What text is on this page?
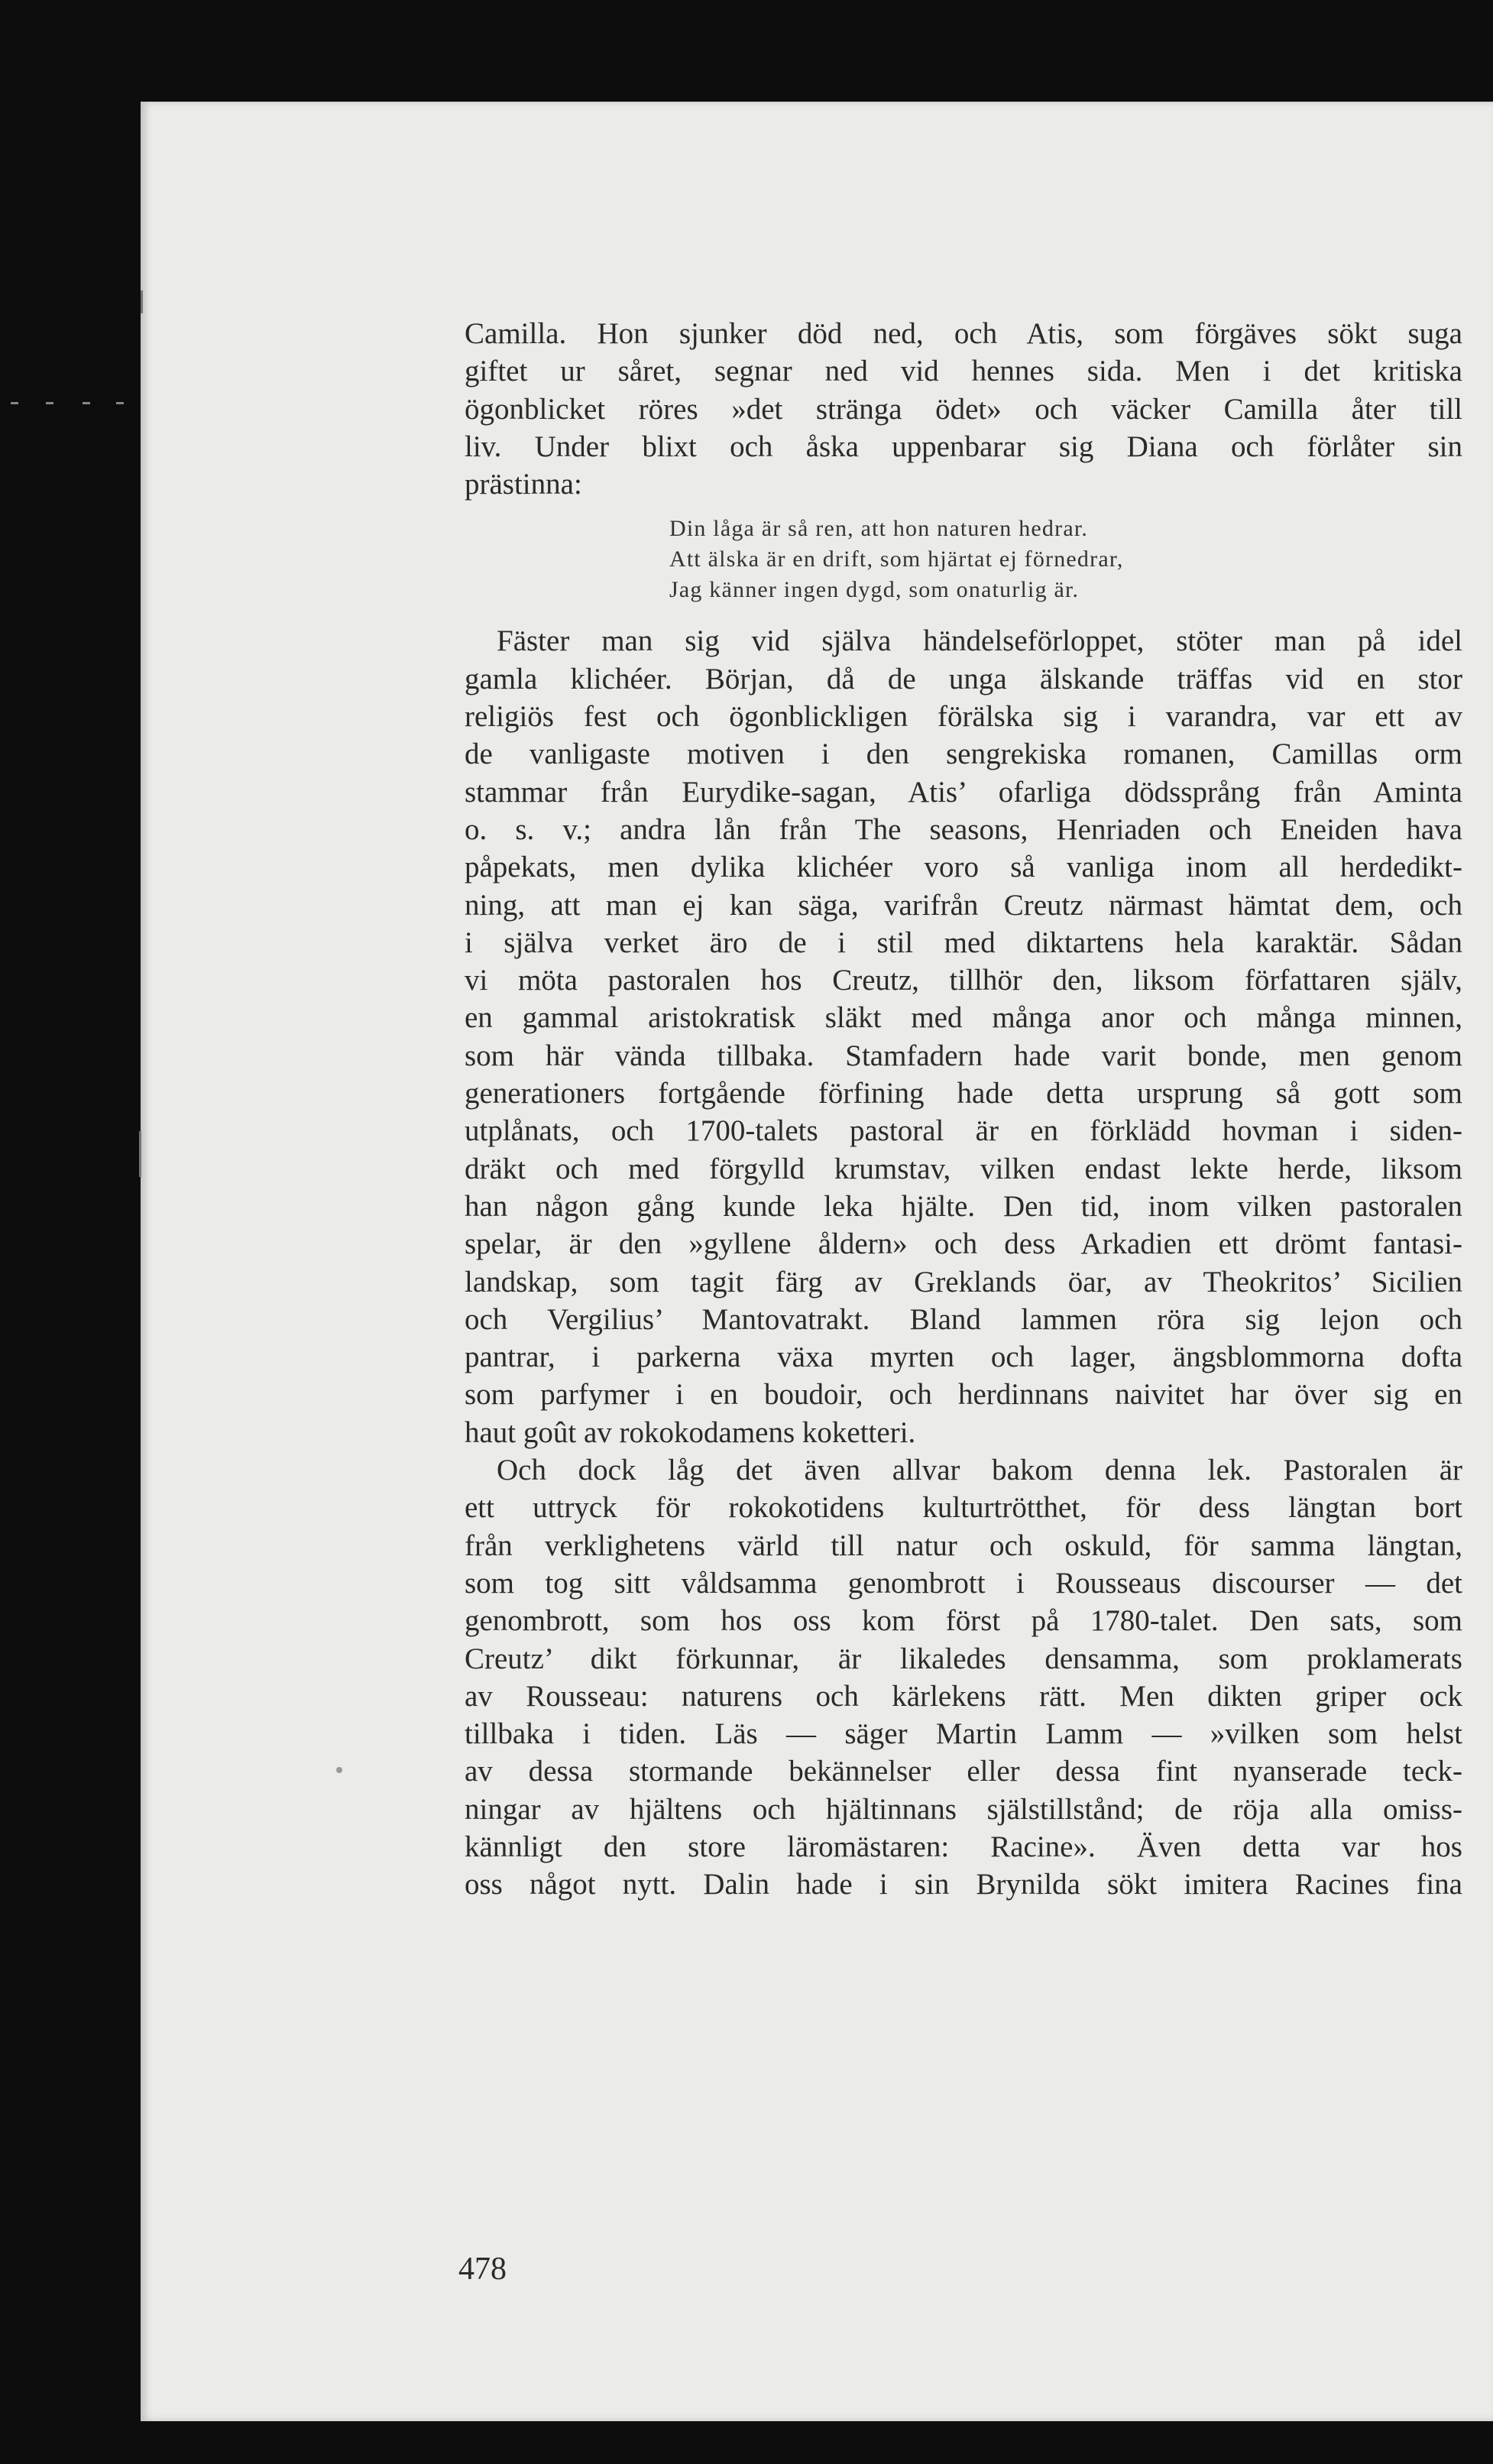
Camilla. Hon sjunker död ned, och Atis, som förgäves sökt suga
giftet ur såret, segnar ned vid hennes sida. Men i det kritiska
ögonblicket röres »det stränga ödet» och väcker Camilla åter till
liv. Under blixt och åska uppenbarar sig Diana och förlåter sin
prästinna:
Din låga är så ren, att hon naturen hedrar.
Att älska är en drift, som hjärtat ej förnedrar,
Jag känner ingen dygd, som onaturlig är.
Fäster man sig vid själva händelseförloppet, stöter man på idel
gamla klichéer. Början, då de unga älskande träffas vid en stor
religiös fest och ögonblickligen förälska sig i varandra, var ett av
de vanligaste motiven i den sengrekiska romanen, Camillas orm
stammar från Eurydike-sagan, Atis’ ofarliga dödssprång från Aminta
o. s. v.; andra lån från The seasons, Henriaden och Eneiden hava
påpekats, men dylika klichéer voro så vanliga inom all herdedikt-
ning, att man ej kan säga, varifrån Creutz närmast hämtat dem, och
i själva verket äro de i stil med diktartens hela karaktär. Sådan
vi möta pastoralen hos Creutz, tillhör den, liksom författaren själv,
en gammal aristokratisk släkt med många anor och många minnen,
som här vända tillbaka. Stamfadern hade varit bonde, men genom
generationers fortgående förfining hade detta ursprung så gott som
utplånats, och 1700-talets pastoral är en förklädd hovman i siden-
dräkt och med förgylld krumstav, vilken endast lekte herde, liksom
han någon gång kunde leka hjälte. Den tid, inom vilken pastoralen
spelar, är den »gyllene åldern» och dess Arkadien ett drömt fantasi-
landskap, som tagit färg av Greklands öar, av Theokritos’ Sicilien
och Vergilius’ Mantovatrakt. Bland lammen röra sig lejon och
pantrar, i parkerna växa myrten och lager, ängsblommorna dofta
som parfymer i en boudoir, och herdinnans naivitet har över sig en
haut goût av rokokodamens koketteri.
Och dock låg det även allvar bakom denna lek. Pastoralen är
ett uttryck för rokokotidens kulturtrötthet, för dess längtan bort
från verklighetens värld till natur och oskuld, för samma längtan,
som tog sitt våldsamma genombrott i Rousseaus discourser — det
genombrott, som hos oss kom först på 1780-talet. Den sats, som
Creutz’ dikt förkunnar, är likaledes densamma, som proklamerats
av Rousseau: naturens och kärlekens rätt. Men dikten griper ock
tillbaka i tiden. Läs — säger Martin Lamm — »vilken som helst
av dessa stormande bekännelser eller dessa fint nyanserade teck-
ningar av hjältens och hjältinnans själstillstånd; de röja alla omiss-
kännligt den store läromästaren: Racine». Även detta var hos
oss något nytt. Dalin hade i sin Brynilda sökt imitera Racines fina
478
